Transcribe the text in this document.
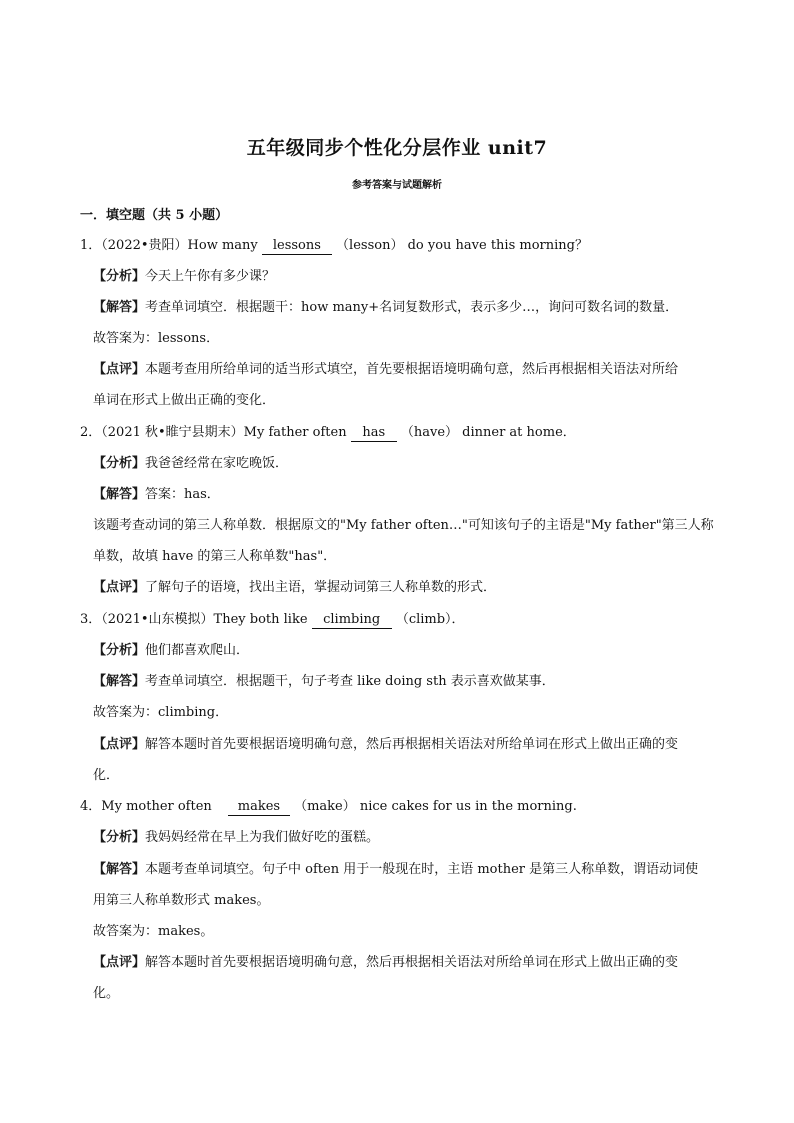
五年级同步个性化分层作业 unit7
参考答案与试题解析
一．填空题（共 5 小题）
1．（2022•贵阳）How many lessons （lesson） do you have this morning？
【分析】今天上午你有多少课？
【解答】考查单词填空．根据题干：how many+名词复数形式，表示多少…，询问可数名词的数量．
故答案为：lessons．
【点评】本题考查用所给单词的适当形式填空，首先要根据语境明确句意，然后再根据相关语法对所给
单词在形式上做出正确的变化．
2．（2021 秋•睢宁县期末）My father often has （have） dinner at home．
【分析】我爸爸经常在家吃晚饭．
【解答】答案：has．
该题考查动词的第三人称单数．根据原文的"My father often…"可知该句子的主语是"My father"第三人称
单数，故填 have 的第三人称单数"has"．
【点评】了解句子的语境，找出主语，掌握动词第三人称单数的形式．
3．（2021•山东模拟）They both like climbing （climb）．
【分析】他们都喜欢爬山．
【解答】考查单词填空．根据题干，句子考查 like doing sth 表示喜欢做某事．
故答案为：climbing．
【点评】解答本题时首先要根据语境明确句意，然后再根据相关语法对所给单词在形式上做出正确的变
化．
4．My mother often makes （make） nice cakes for us in the morning.
【分析】我妈妈经常在早上为我们做好吃的蛋糕。
【解答】本题考查单词填空。句子中 often 用于一般现在时，主语 mother 是第三人称单数，谓语动词使
用第三人称单数形式 makes。
故答案为：makes。
【点评】解答本题时首先要根据语境明确句意，然后再根据相关语法对所给单词在形式上做出正确的变
化。
